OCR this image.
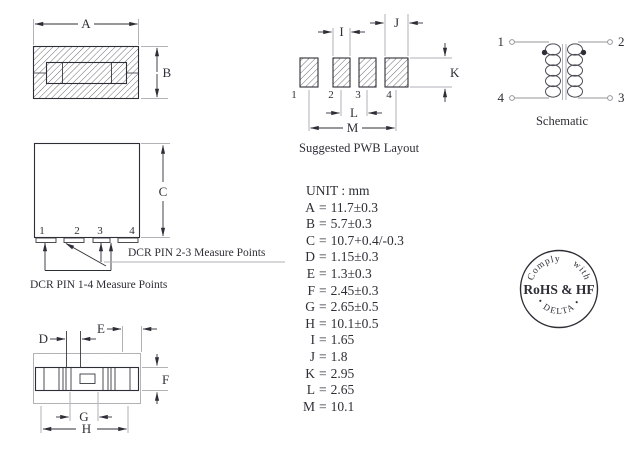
A
B
1	2 3 4
C
DCR PIN 2-3 Measure Points
DCR PIN 1-4 Measure Points
D
E
F
G
H
1	2 3 4
I
J
K
L
M
Suggested PWB Layout
1	2
4	3
Schematic
Comply with
RoHS & HF
• DELTA •
UNIT : mm
A = 11.7±0.3
B = 5.7±0.3
C = 10.7+0.4/-0.3
D = 1.15±0.3
E = 1.3±0.3
F = 2.45±0.3
G = 2.65±0.5
H = 10.1±0.5
I = 1.65
J = 1.8
K = 2.95
L = 2.65
M = 10.1
